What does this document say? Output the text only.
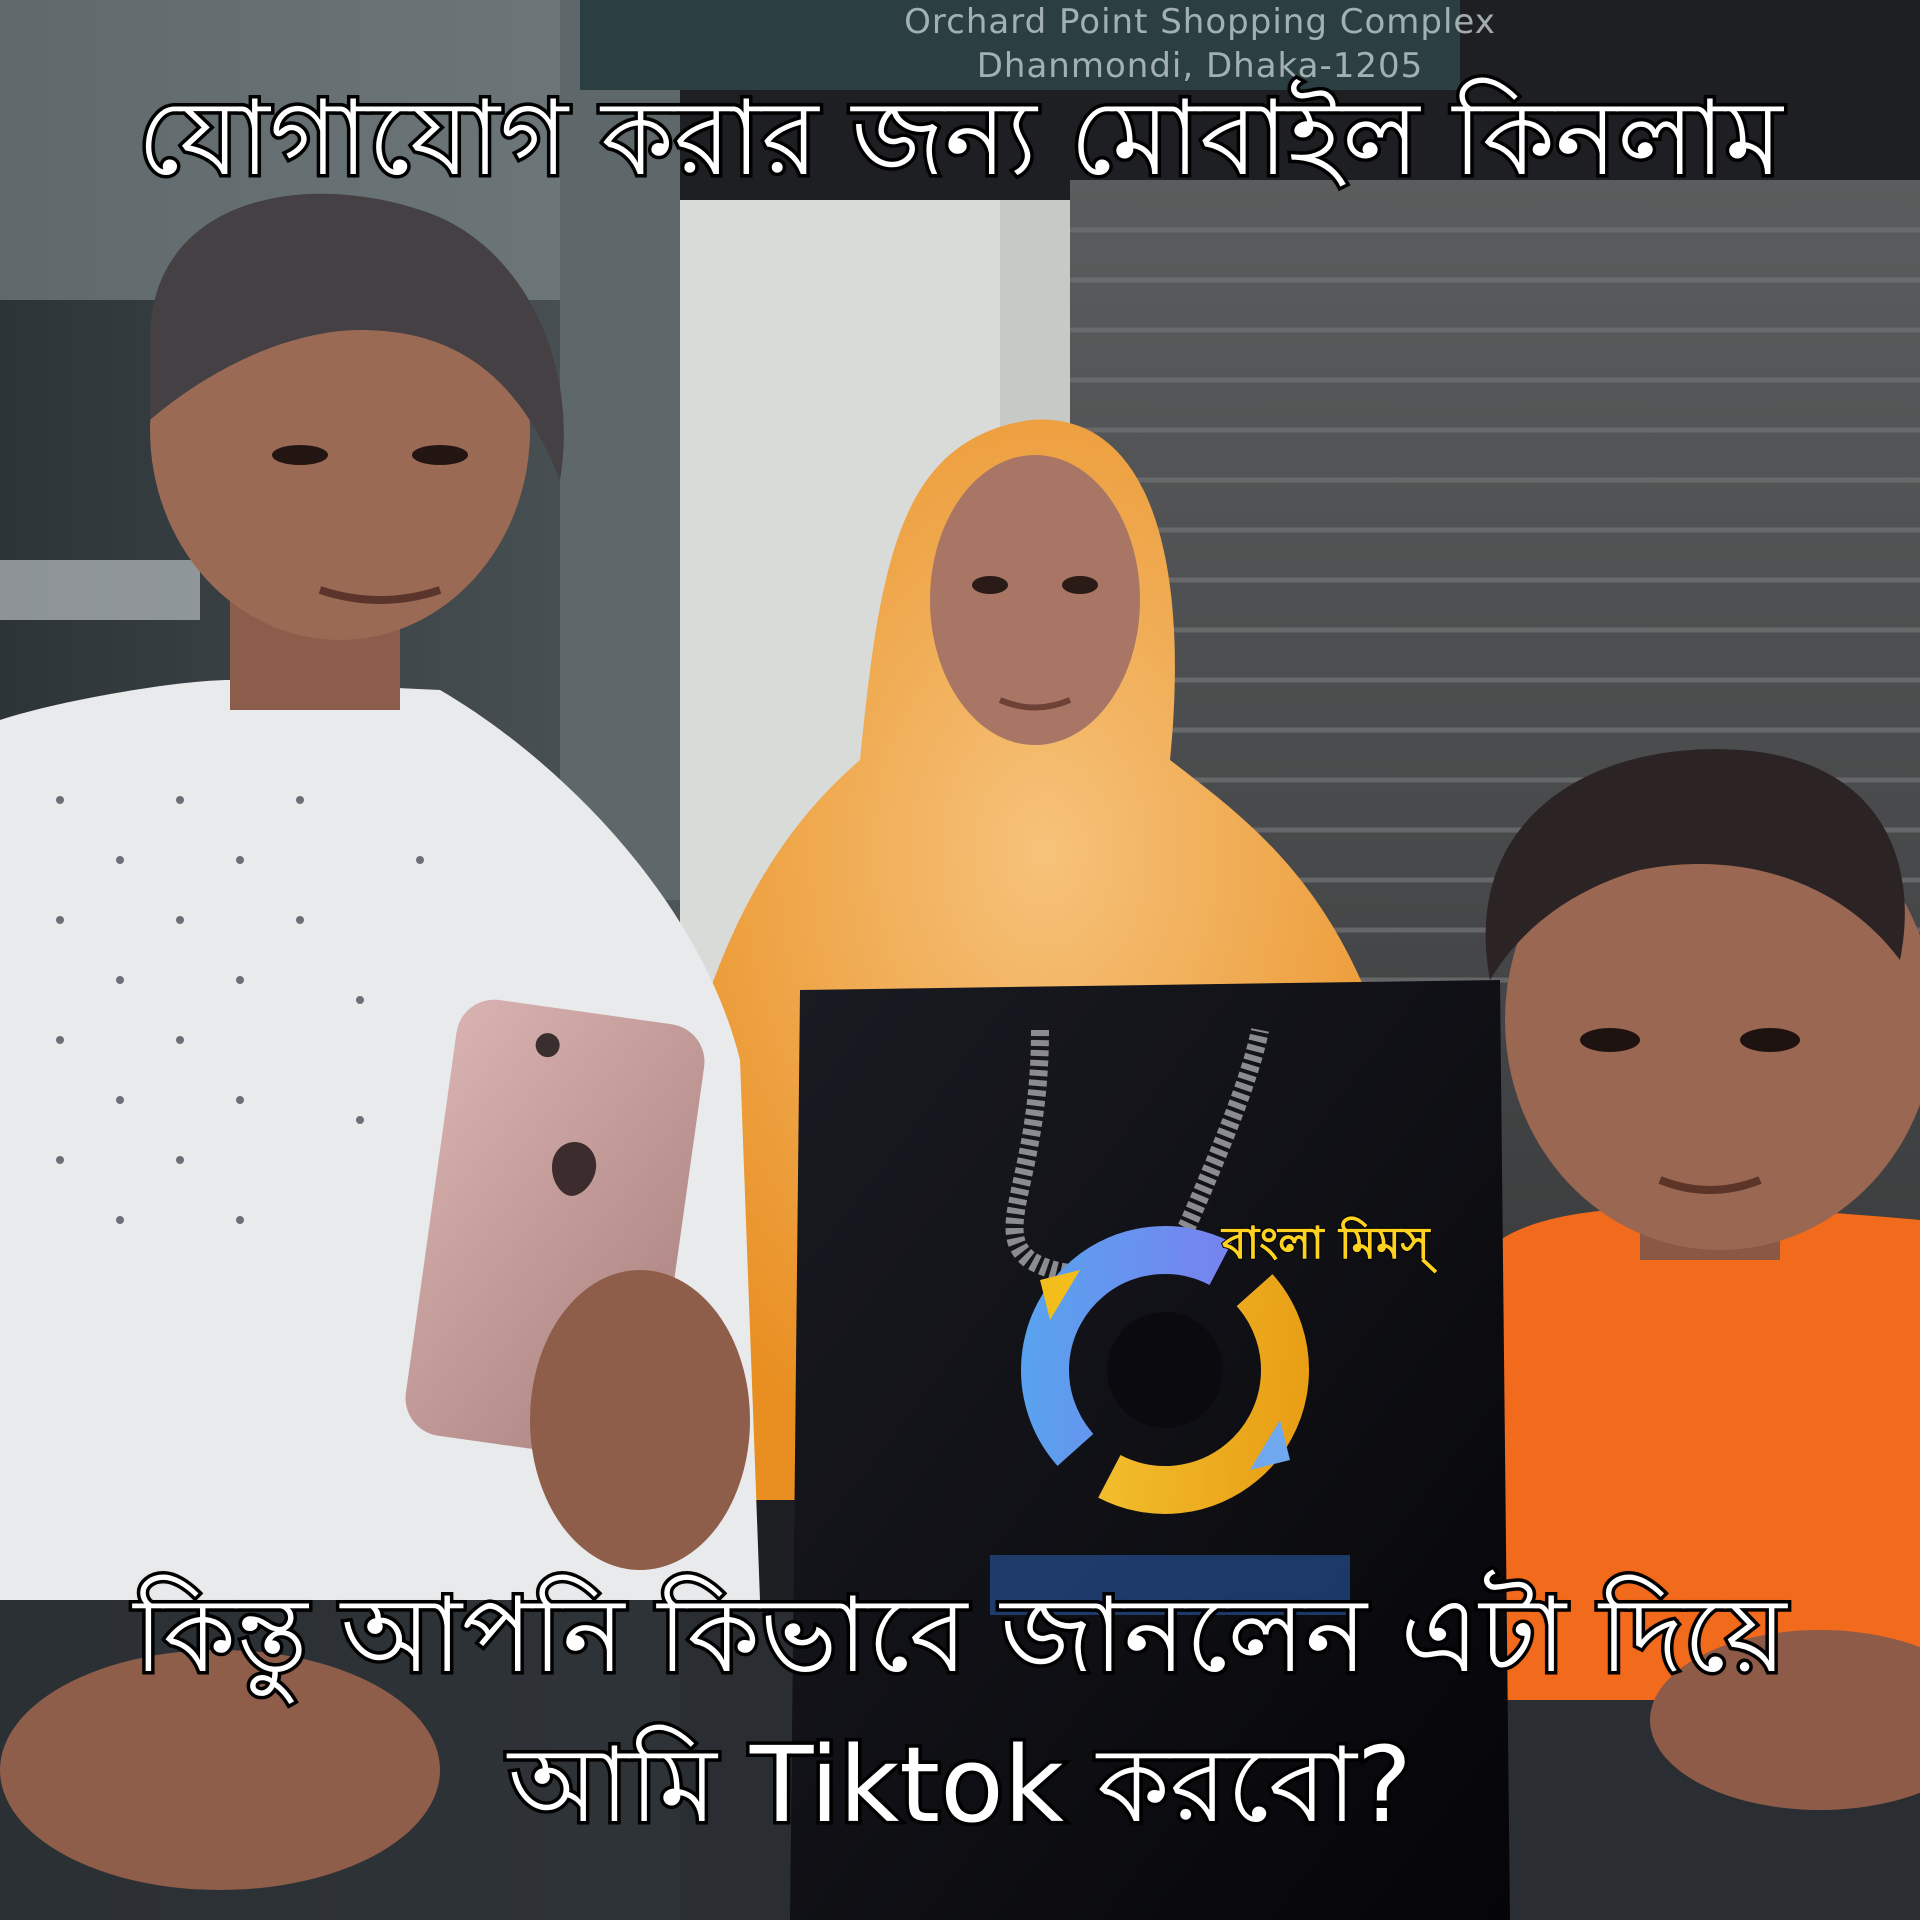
Orchard Point Shopping Complex
Dhanmondi, Dhaka-1205
বাংলা মিমস্
যোগাযোগ করার জন্য মোবাইল কিনলাম
কিন্তু আপনি কিভাবে জানলেন এটা দিয়ে
আমি Tiktok করবো?
